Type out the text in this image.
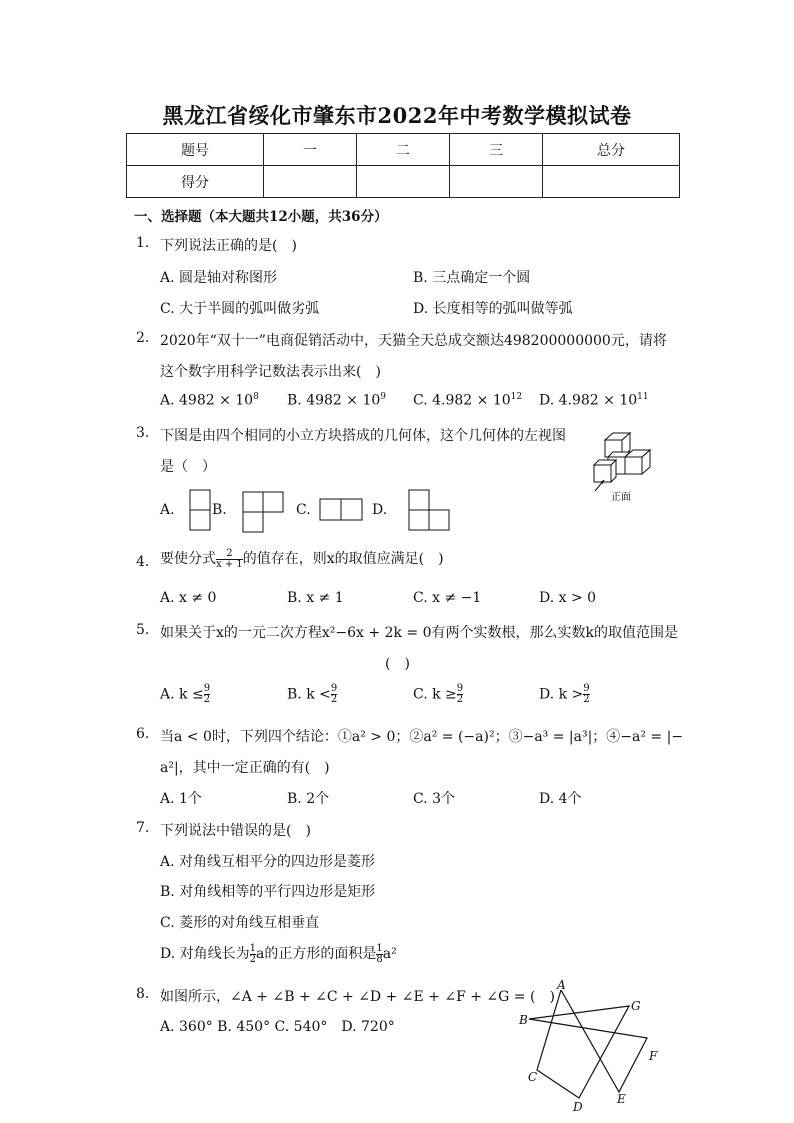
黑龙江省绥化市肇东市2022年中考数学模拟试卷
题号	一	二	三	总分
得分				
一、选择题（本大题共12小题，共36分）
1. 下列说法正确的是(　)
A. 圆是轴对称图形	B. 三点确定一个圆
C. 大于半圆的弧叫做劣弧	D. 长度相等的弧叫做等弧
2. 2020年“双十一”电商促销活动中，天猫全天总成交额达498200000000元，请将
这个数字用科学记数法表示出来(　)
A. $4982 \times 10^8$ B. $4982 \times 10^9$ C. $4.982 \times 10^{12}$ D. $4.982 \times 10^{11}$
3. 下图是由四个相同的小立方块搭成的几何体，这个几何体的左视图
是（　）
正面
A.	B.	C.	D.
4. 要使分式 $\frac{2}{x + 1}$ 的值存在，则x的取值应满足(　)
A. x ≠ 0	B. x ≠ 1	C. x ≠ −1	D. x > 0
5. 如果关于x的一元二次方程x²−6x + 2k = 0有两个实数根，那么实数k的取值范围是
(　)
A. $k \le \frac{9}{2}$	B. $k < \frac{9}{2}$	C. $k \ge \frac{9}{2}$	D. $k > \frac{9}{2}$
6. 当a < 0时，下列四个结论：①a² > 0；②a² = (−a)²；③−a³ = |a³|；④−a² = |−
a²|，其中一定正确的有(　)
A. 1个	B. 2个	C. 3个	D. 4个
7. 下列说法中错误的是(　)
A. 对角线互相平分的四边形是菱形
B. 对角线相等的平行四边形是矩形
C. 菱形的对角线互相垂直
D. 对角线长为 $\frac{1}{2}$ a的正方形的面积是 $\frac{1}{8} a^2$
8. 如图所示，∠A + ∠B + ∠C + ∠D + ∠E + ∠F + ∠G = (　)
A. 360° B. 450° C. 540°　D. 720°
A
B
C
D
E
F
G
